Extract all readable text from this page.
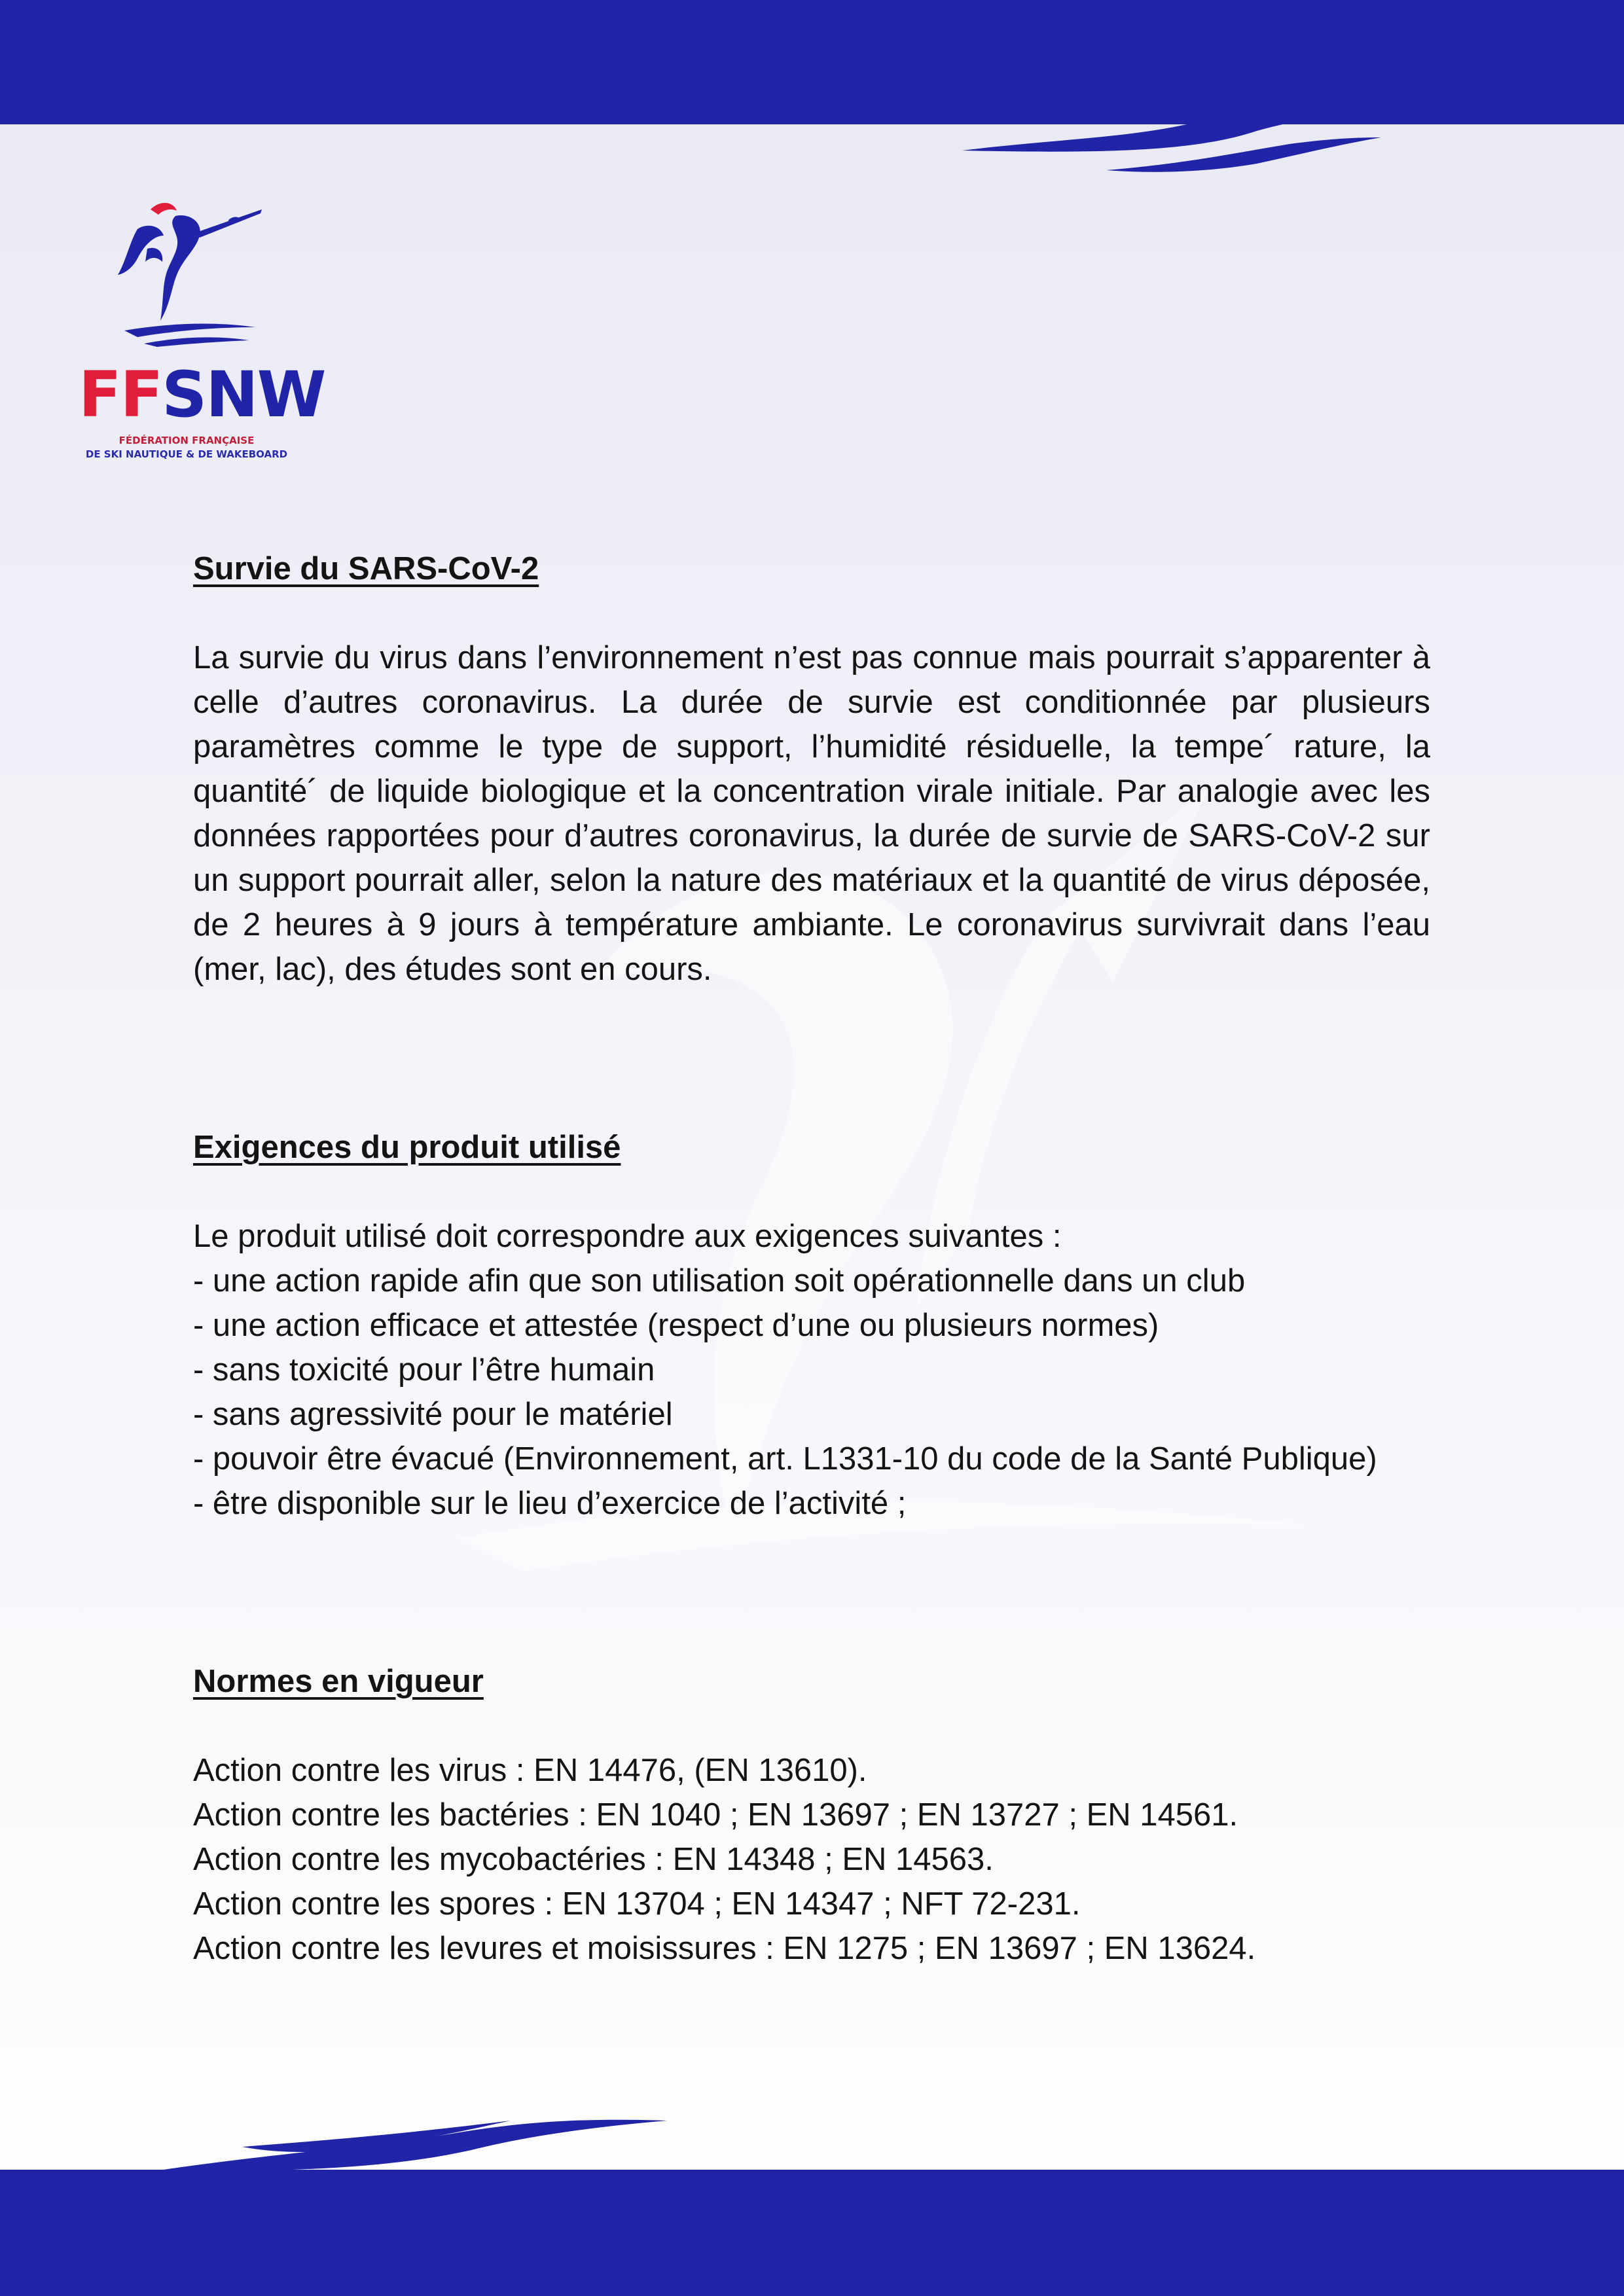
FFSNW
FÉDÉRATION FRANÇAISE
DE SKI NAUTIQUE & DE WAKEBOARD
Survie du SARS-CoV-2

La survie du virus dans l’environnement n’est pas connue mais pourrait s’apparenter à celle d’autres coronavirus. La durée de survie est conditionnée par plusieurs paramètres comme le type de support, l’humidité résiduelle, la tempe´ rature, la quantité´ de liquide biologique et la concentration virale initiale. Par analogie avec les données rapportées pour d’autres coronavirus, la durée de survie de SARS-CoV-2 sur un support pourrait aller, selon la nature des matériaux et la quantité de virus déposée, de 2 heures à 9 jours à température ambiante. Le coronavirus survivrait dans l’eau (mer, lac), des études sont en cours.

Exigences du produit utilisé
Le produit utilisé doit correspondre aux exigences suivantes :
- une action rapide afin que son utilisation soit opérationnelle dans un club
- une action efficace et attestée (respect d’une ou plusieurs normes)
- sans toxicité pour l’être humain
- sans agressivité pour le matériel
- pouvoir être évacué (Environnement, art. L1331-10 du code de la Santé Publique)
- être disponible sur le lieu d’exercice de l’activité ;
Normes en vigueur
Action contre les virus : EN 14476, (EN 13610).
Action contre les bactéries : EN 1040 ; EN 13697 ; EN 13727 ; EN 14561.
Action contre les mycobactéries : EN 14348 ; EN 14563.
Action contre les spores : EN 13704 ; EN 14347 ; NFT 72-231.
Action contre les levures et moisissures : EN 1275 ; EN 13697 ; EN 13624.
